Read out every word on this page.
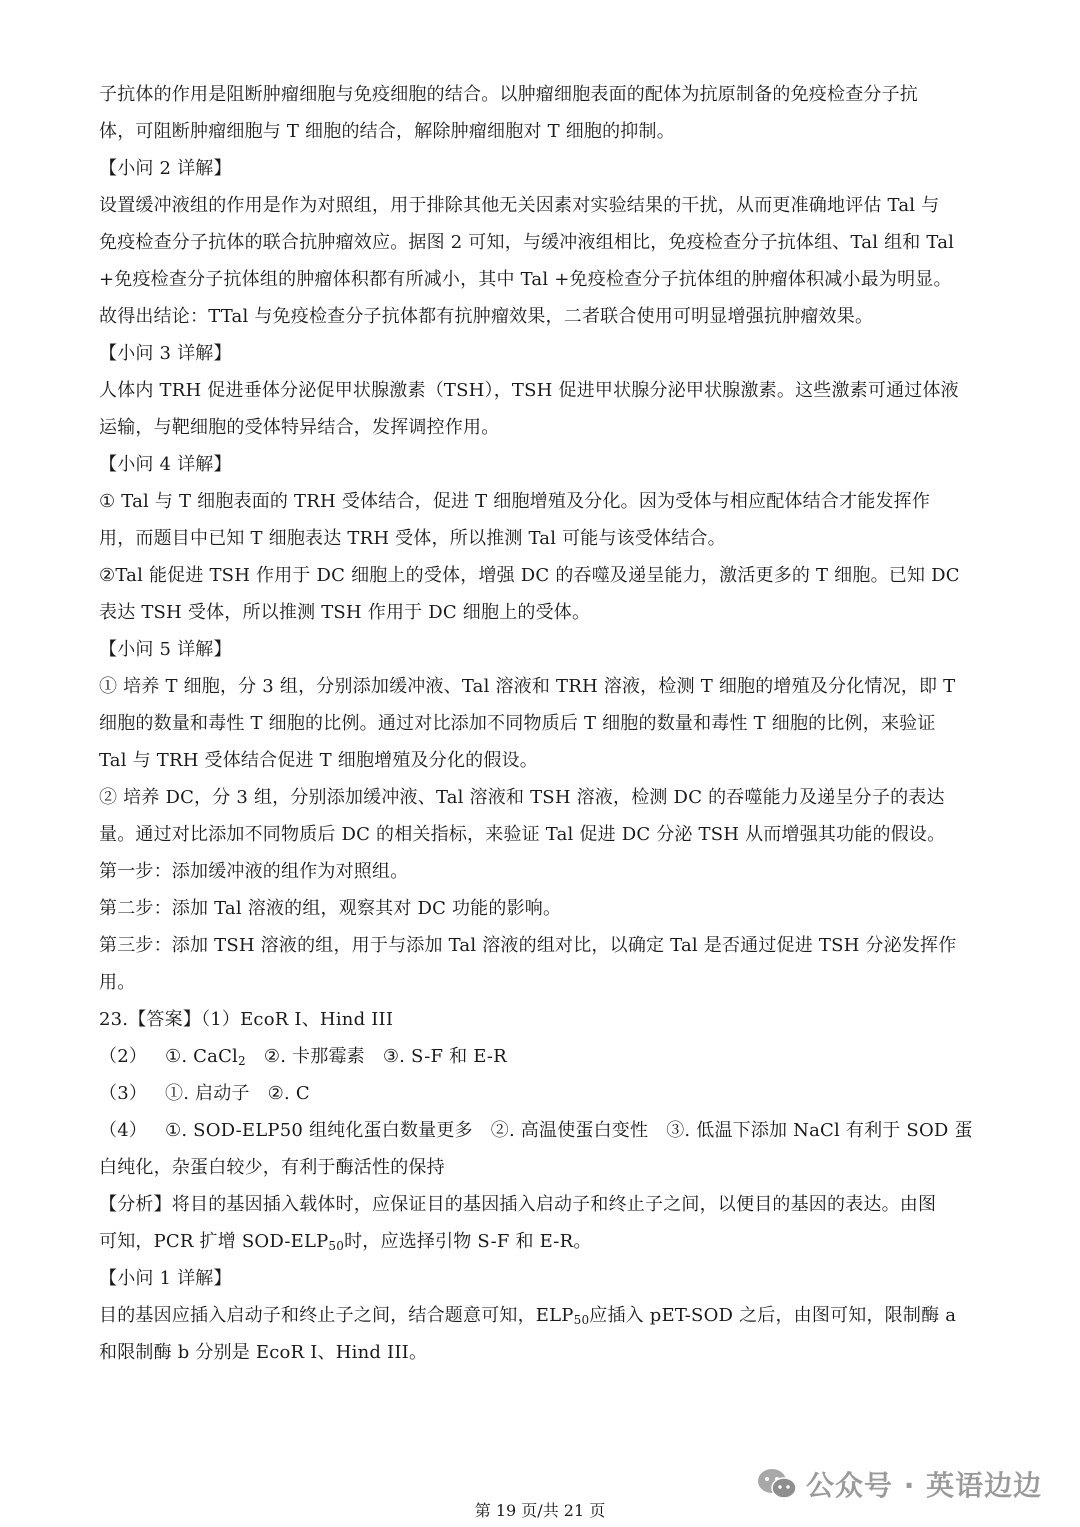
子抗体的作用是阻断肿瘤细胞与免疫细胞的结合。以肿瘤细胞表面的配体为抗原制备的免疫检查分子抗
体，可阻断肿瘤细胞与 T 细胞的结合，解除肿瘤细胞对 T 细胞的抑制。
【小问 2 详解】
设置缓冲液组的作用是作为对照组，用于排除其他无关因素对实验结果的干扰，从而更准确地评估 Tal 与
免疫检查分子抗体的联合抗肿瘤效应。据图 2 可知，与缓冲液组相比，免疫检查分子抗体组、Tal 组和 Tal
+免疫检查分子抗体组的肿瘤体积都有所减小，其中 Tal +免疫检查分子抗体组的肿瘤体积减小最为明显。
故得出结论：TTal 与免疫检查分子抗体都有抗肿瘤效果，二者联合使用可明显增强抗肿瘤效果。
【小问 3 详解】
人体内 TRH 促进垂体分泌促甲状腺激素（TSH），TSH 促进甲状腺分泌甲状腺激素。这些激素可通过体液
运输，与靶细胞的受体特异结合，发挥调控作用。
【小问 4 详解】
① Tal 与 T 细胞表面的 TRH 受体结合，促进 T 细胞增殖及分化。因为受体与相应配体结合才能发挥作
用，而题目中已知 T 细胞表达 TRH 受体，所以推测 Tal 可能与该受体结合。
②Tal 能促进 TSH 作用于 DC 细胞上的受体，增强 DC 的吞噬及递呈能力，激活更多的 T 细胞。已知 DC
表达 TSH 受体，所以推测 TSH 作用于 DC 细胞上的受体。
【小问 5 详解】
① 培养 T 细胞，分 3 组，分别添加缓冲液、Tal 溶液和 TRH 溶液，检测 T 细胞的增殖及分化情况，即 T
细胞的数量和毒性 T 细胞的比例。通过对比添加不同物质后 T 细胞的数量和毒性 T 细胞的比例，来验证
Tal 与 TRH 受体结合促进 T 细胞增殖及分化的假设。
② 培养 DC，分 3 组，分别添加缓冲液、Tal 溶液和 TSH 溶液，检测 DC 的吞噬能力及递呈分子的表达
量。通过对比添加不同物质后 DC 的相关指标，来验证 Tal 促进 DC 分泌 TSH 从而增强其功能的假设。
第一步：添加缓冲液的组作为对照组。
第二步：添加 Tal 溶液的组，观察其对 DC 功能的影响。
第三步：添加 TSH 溶液的组，用于与添加 Tal 溶液的组对比，以确定 Tal 是否通过促进 TSH 分泌发挥作
用。
23.【答案】（1）EcoR I、Hind III
（2） ①. CaCl$_2$ ②. 卡那霉素 ③. S-F 和 E-R
（3） ①. 启动子 ②. C
（4） ①. SOD-ELP50 组纯化蛋白数量更多 ②. 高温使蛋白变性 ③. 低温下添加 NaCl 有利于 SOD 蛋
白纯化，杂蛋白较少，有利于酶活性的保持
【分析】将目的基因插入载体时，应保证目的基因插入启动子和终止子之间，以便目的基因的表达。由图
可知，PCR 扩增 SOD-$ELP_{50}$时，应选择引物 S-F 和 E-R。
【小问 1 详解】
目的基因应插入启动子和终止子之间，结合题意可知，$ELP_{50}$应插入 pET-SOD 之后，由图可知，限制酶 a
和限制酶 b 分别是 EcoR I、Hind III。
公众号 · 英语边边
第 19 页/共 21 页
